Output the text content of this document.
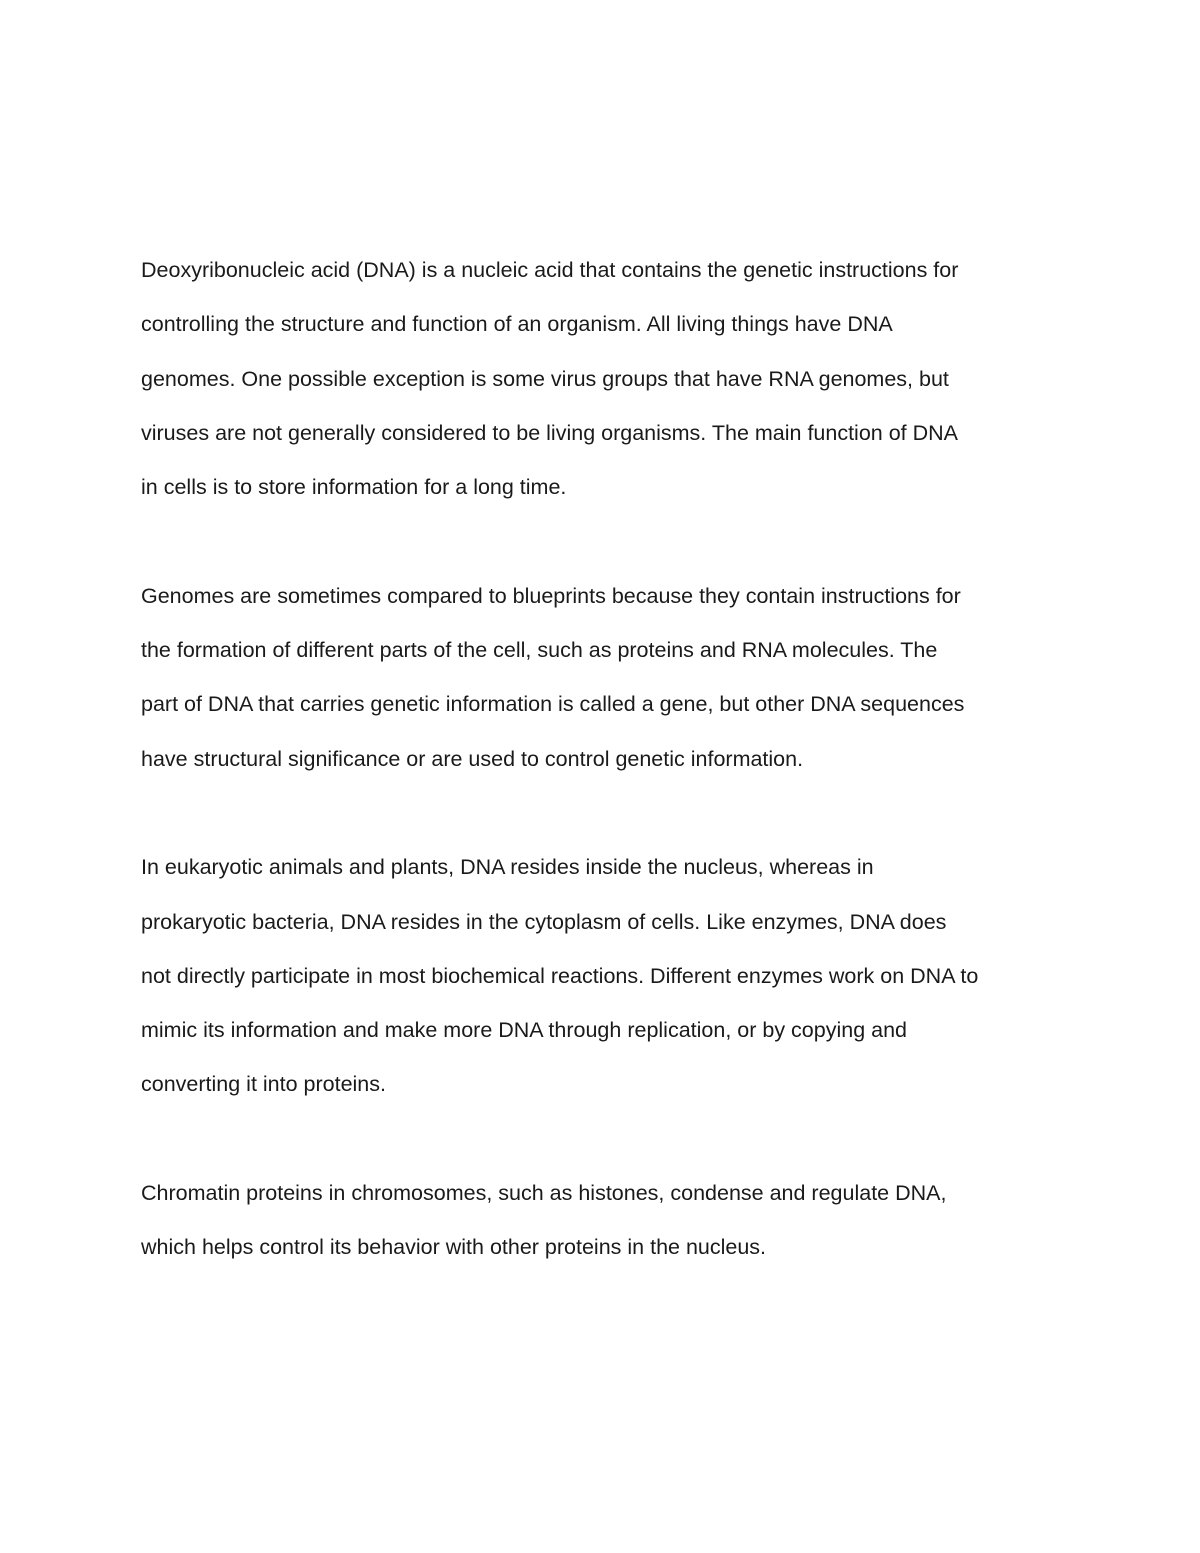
Deoxyribonucleic acid (DNA) is a nucleic acid that contains the genetic instructions for
controlling the structure and function of an organism. All living things have DNA
genomes. One possible exception is some virus groups that have RNA genomes, but
viruses are not generally considered to be living organisms. The main function of DNA
in cells is to store information for a long time.
Genomes are sometimes compared to blueprints because they contain instructions for
the formation of different parts of the cell, such as proteins and RNA molecules. The
part of DNA that carries genetic information is called a gene, but other DNA sequences
have structural significance or are used to control genetic information.
In eukaryotic animals and plants, DNA resides inside the nucleus, whereas in
prokaryotic bacteria, DNA resides in the cytoplasm of cells. Like enzymes, DNA does
not directly participate in most biochemical reactions. Different enzymes work on DNA to
mimic its information and make more DNA through replication, or by copying and
converting it into proteins.
Chromatin proteins in chromosomes, such as histones, condense and regulate DNA,
which helps control its behavior with other proteins in the nucleus.
